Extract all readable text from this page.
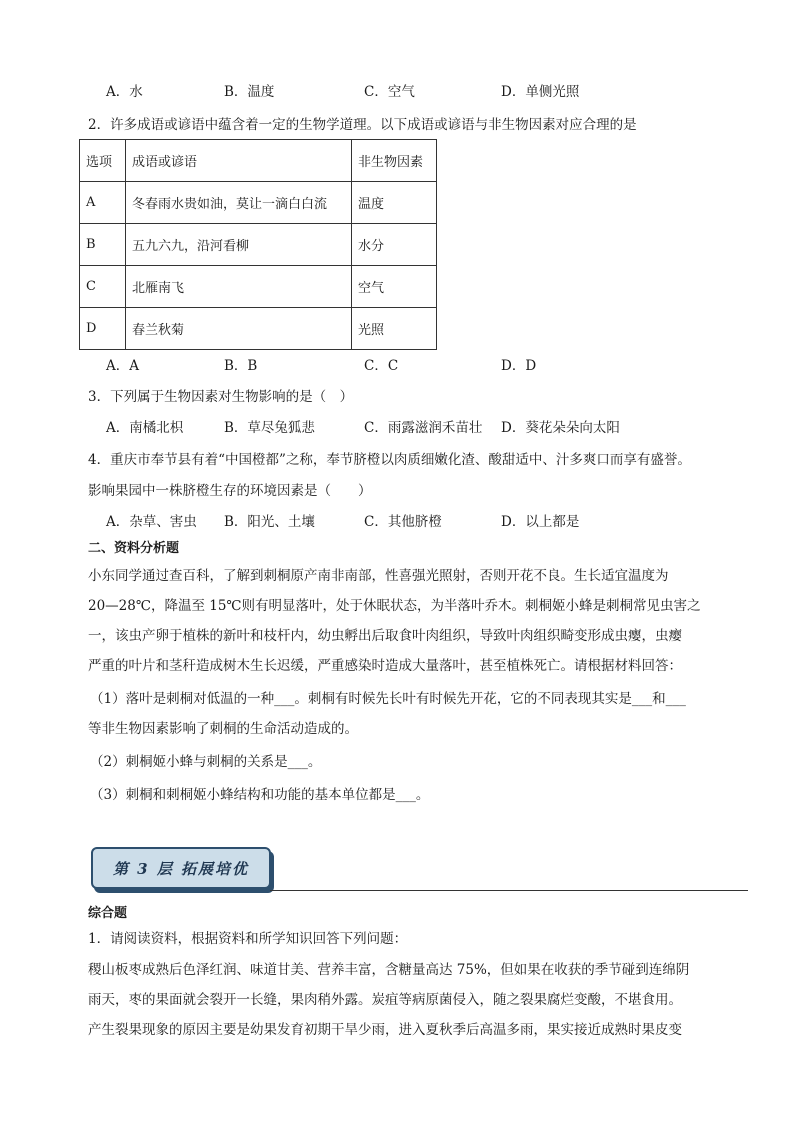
A．水	B．温度	C．空气	D．单侧光照
2．许多成语或谚语中蕴含着一定的生物学道理。以下成语或谚语与非生物因素对应合理的是
选项	成语或谚语	非生物因素
A	冬春雨水贵如油，莫让一滴白白流	温度
B	五九六九，沿河看柳	水分
C	北雁南飞	空气
D	春兰秋菊	光照
A．A	B．B	C．C	D．D
3．下列属于生物因素对生物影响的是（　）
A．南橘北枳	B．草尽兔狐悲	C．雨露滋润禾苗壮 D．葵花朵朵向太阳
4．重庆市奉节县有着“中国橙都”之称，奉节脐橙以肉质细嫩化渣、酸甜适中、汁多爽口而享有盛誉。
影响果园中一株脐橙生存的环境因素是（　　）
A．杂草、害虫 B．阳光、土壤	C．其他脐橙	D．以上都是
二、资料分析题
小东同学通过查百科，了解到刺桐原产南非南部，性喜强光照射，否则开花不良。生长适宜温度为
20—28℃，降温至 15℃则有明显落叶，处于休眠状态，为半落叶乔木。刺桐姬小蜂是刺桐常见虫害之
一，该虫产卵于植株的新叶和枝杆内，幼虫孵出后取食叶肉组织，导致叶肉组织畸变形成虫瘿，虫瘿
严重的叶片和茎秆造成树木生长迟缓，严重感染时造成大量落叶，甚至植株死亡。请根据材料回答：
（1）落叶是刺桐对低温的一种___。刺桐有时候先长叶有时候先开花，它的不同表现其实是___和___
等非生物因素影响了刺桐的生命活动造成的。
（2）刺桐姬小蜂与刺桐的关系是___。
（3）刺桐和刺桐姬小蜂结构和功能的基本单位都是___。
第 3 层 拓展培优
综合题
1．请阅读资料，根据资料和所学知识回答下列问题：
稷山板枣成熟后色泽红润、味道甘美、营养丰富，含糖量高达 75%，但如果在收获的季节碰到连绵阴
雨天，枣的果面就会裂开一长缝，果肉稍外露。炭疽等病原菌侵入，随之裂果腐烂变酸，不堪食用。
产生裂果现象的原因主要是幼果发育初期干旱少雨，进入夏秋季后高温多雨，果实接近成熟时果皮变
